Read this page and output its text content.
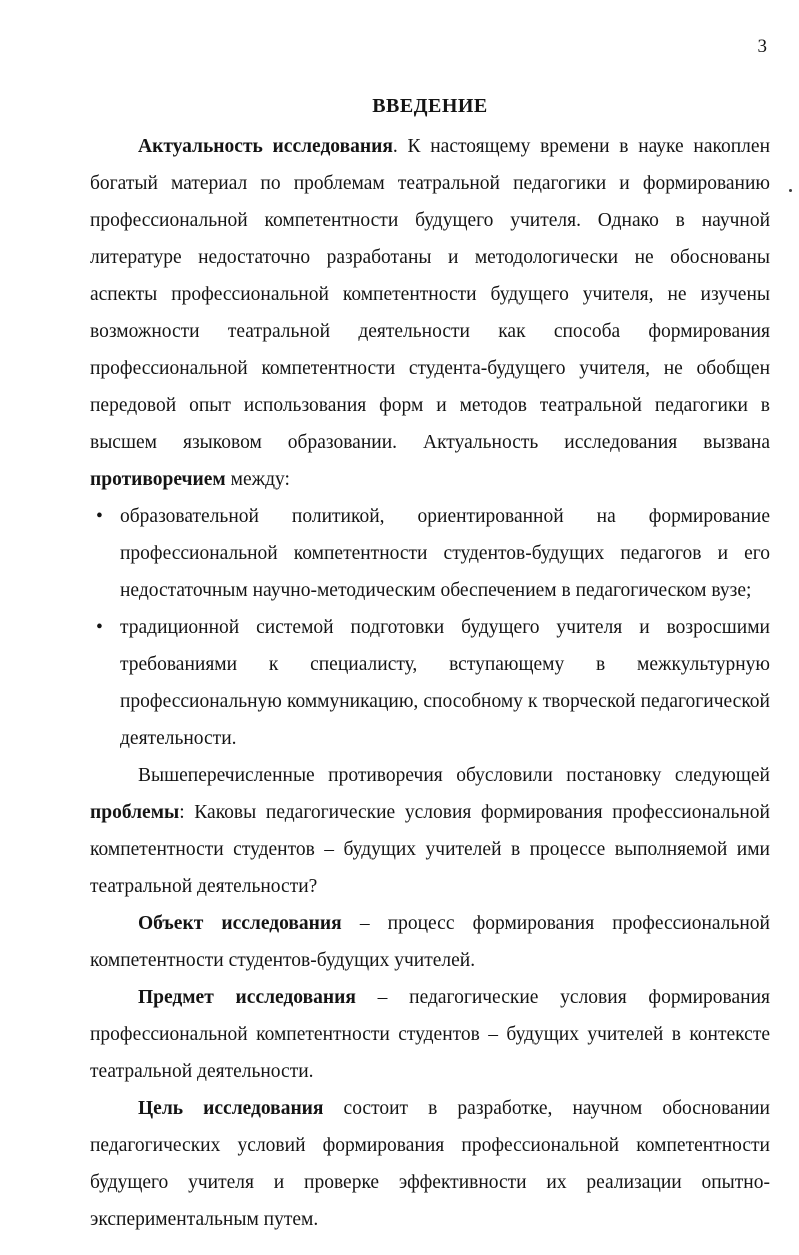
3
ВВЕДЕНИЕ

Актуальность исследования. К настоящему времени в науке накоплен богатый материал по проблемам театральной педагогики и формированию профессиональной компетентности будущего учителя. Однако в научной литературе недостаточно разработаны и методологически не обоснованы аспекты профессиональной компетентности будущего учителя, не изучены возможности театральной деятельности как способа формирования профессиональной компетентности студента-будущего учителя, не обобщен передовой опыт использования форм и методов театральной педагогики в высшем языковом образовании. Актуальность исследования вызвана противоречием между:

• образовательной политикой, ориентированной на формирование профессиональной компетентности студентов-будущих педагогов и его недостаточным научно-методическим обеспечением в педагогическом вузе;
• традиционной системой подготовки будущего учителя и возросшими требованиями к специалисту, вступающему в межкультурную профессиональную коммуникацию, способному к творческой педагогической деятельности.

Вышеперечисленные противоречия обусловили постановку следующей проблемы: Каковы педагогические условия формирования профессиональной компетентности студентов – будущих учителей в процессе выполняемой ими театральной деятельности?

Объект исследования – процесс формирования профессиональной компетентности студентов-будущих учителей.

Предмет исследования – педагогические условия формирования профессиональной компетентности студентов – будущих учителей в контексте театральной деятельности.

Цель исследования состоит в разработке, научном обосновании педагогических условий формирования профессиональной компетентности будущего учителя и проверке эффективности их реализации опытно-экспериментальным путем.
